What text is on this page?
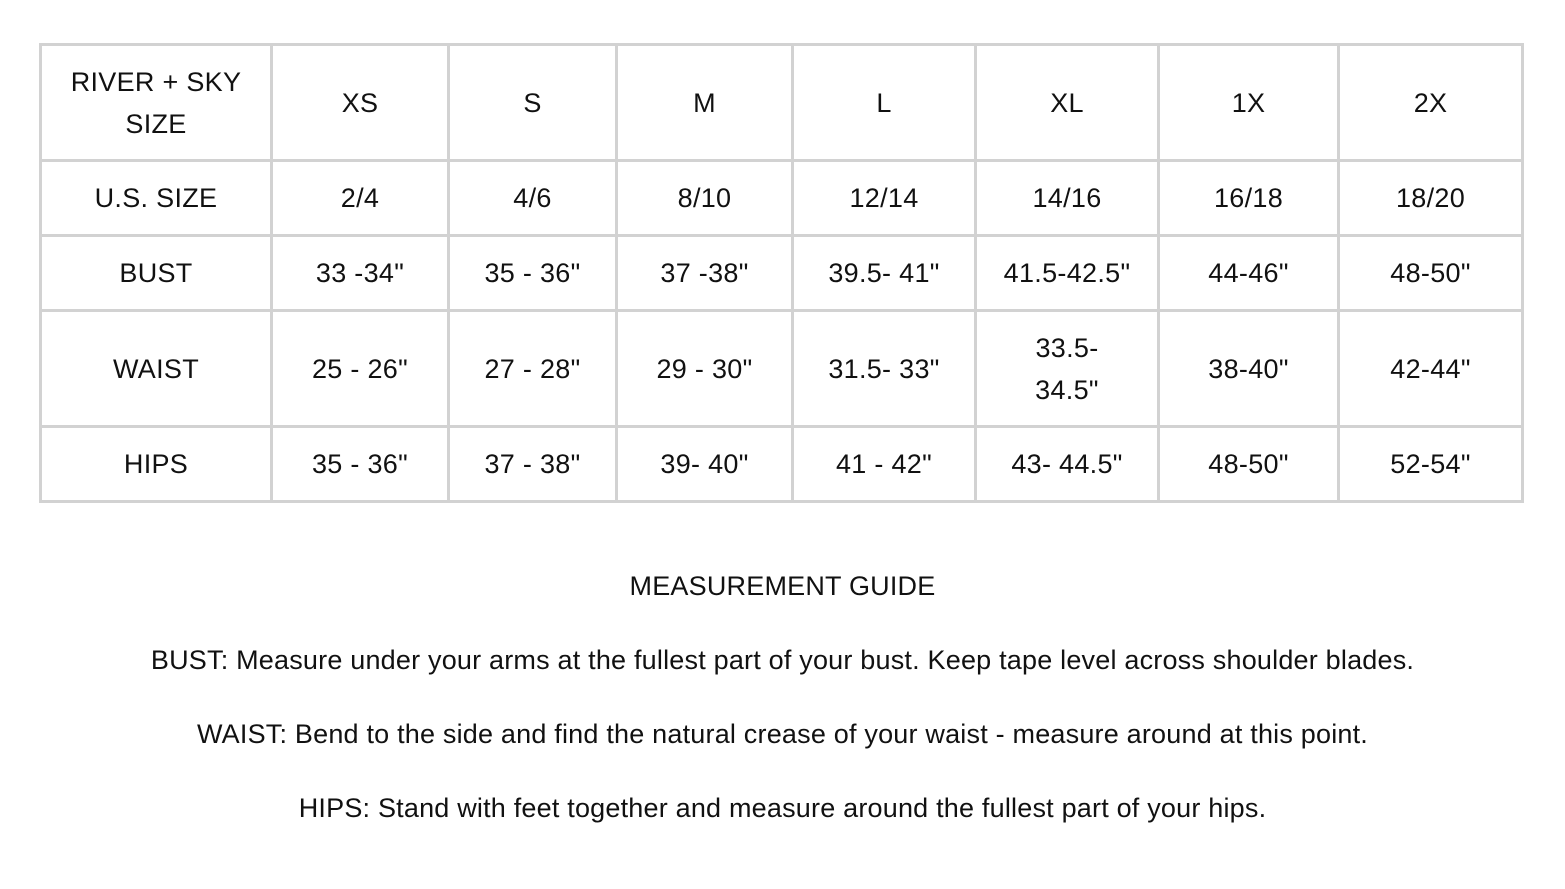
RIVER + SKY SIZE	XS	S	M	L	XL	1X	2X
U.S. SIZE	2/4	4/6	8/10	12/14	14/16	16/18	18/20
BUST	33 -34"	35 - 36"	37 -38"	39.5- 41"	41.5-42.5"	44-46"	48-50"
WAIST	25 - 26"	27 - 28"	29 - 30"	31.5- 33"	33.5- 34.5"	38-40"	42-44"
HIPS	35 - 36"	37 - 38"	39- 40"	41 - 42"	43- 44.5"	48-50"	52-54"

MEASUREMENT GUIDE

BUST: Measure under your arms at the fullest part of your bust. Keep tape level across shoulder blades.

WAIST: Bend to the side and find the natural crease of your waist - measure around at this point.

HIPS: Stand with feet together and measure around the fullest part of your hips.
